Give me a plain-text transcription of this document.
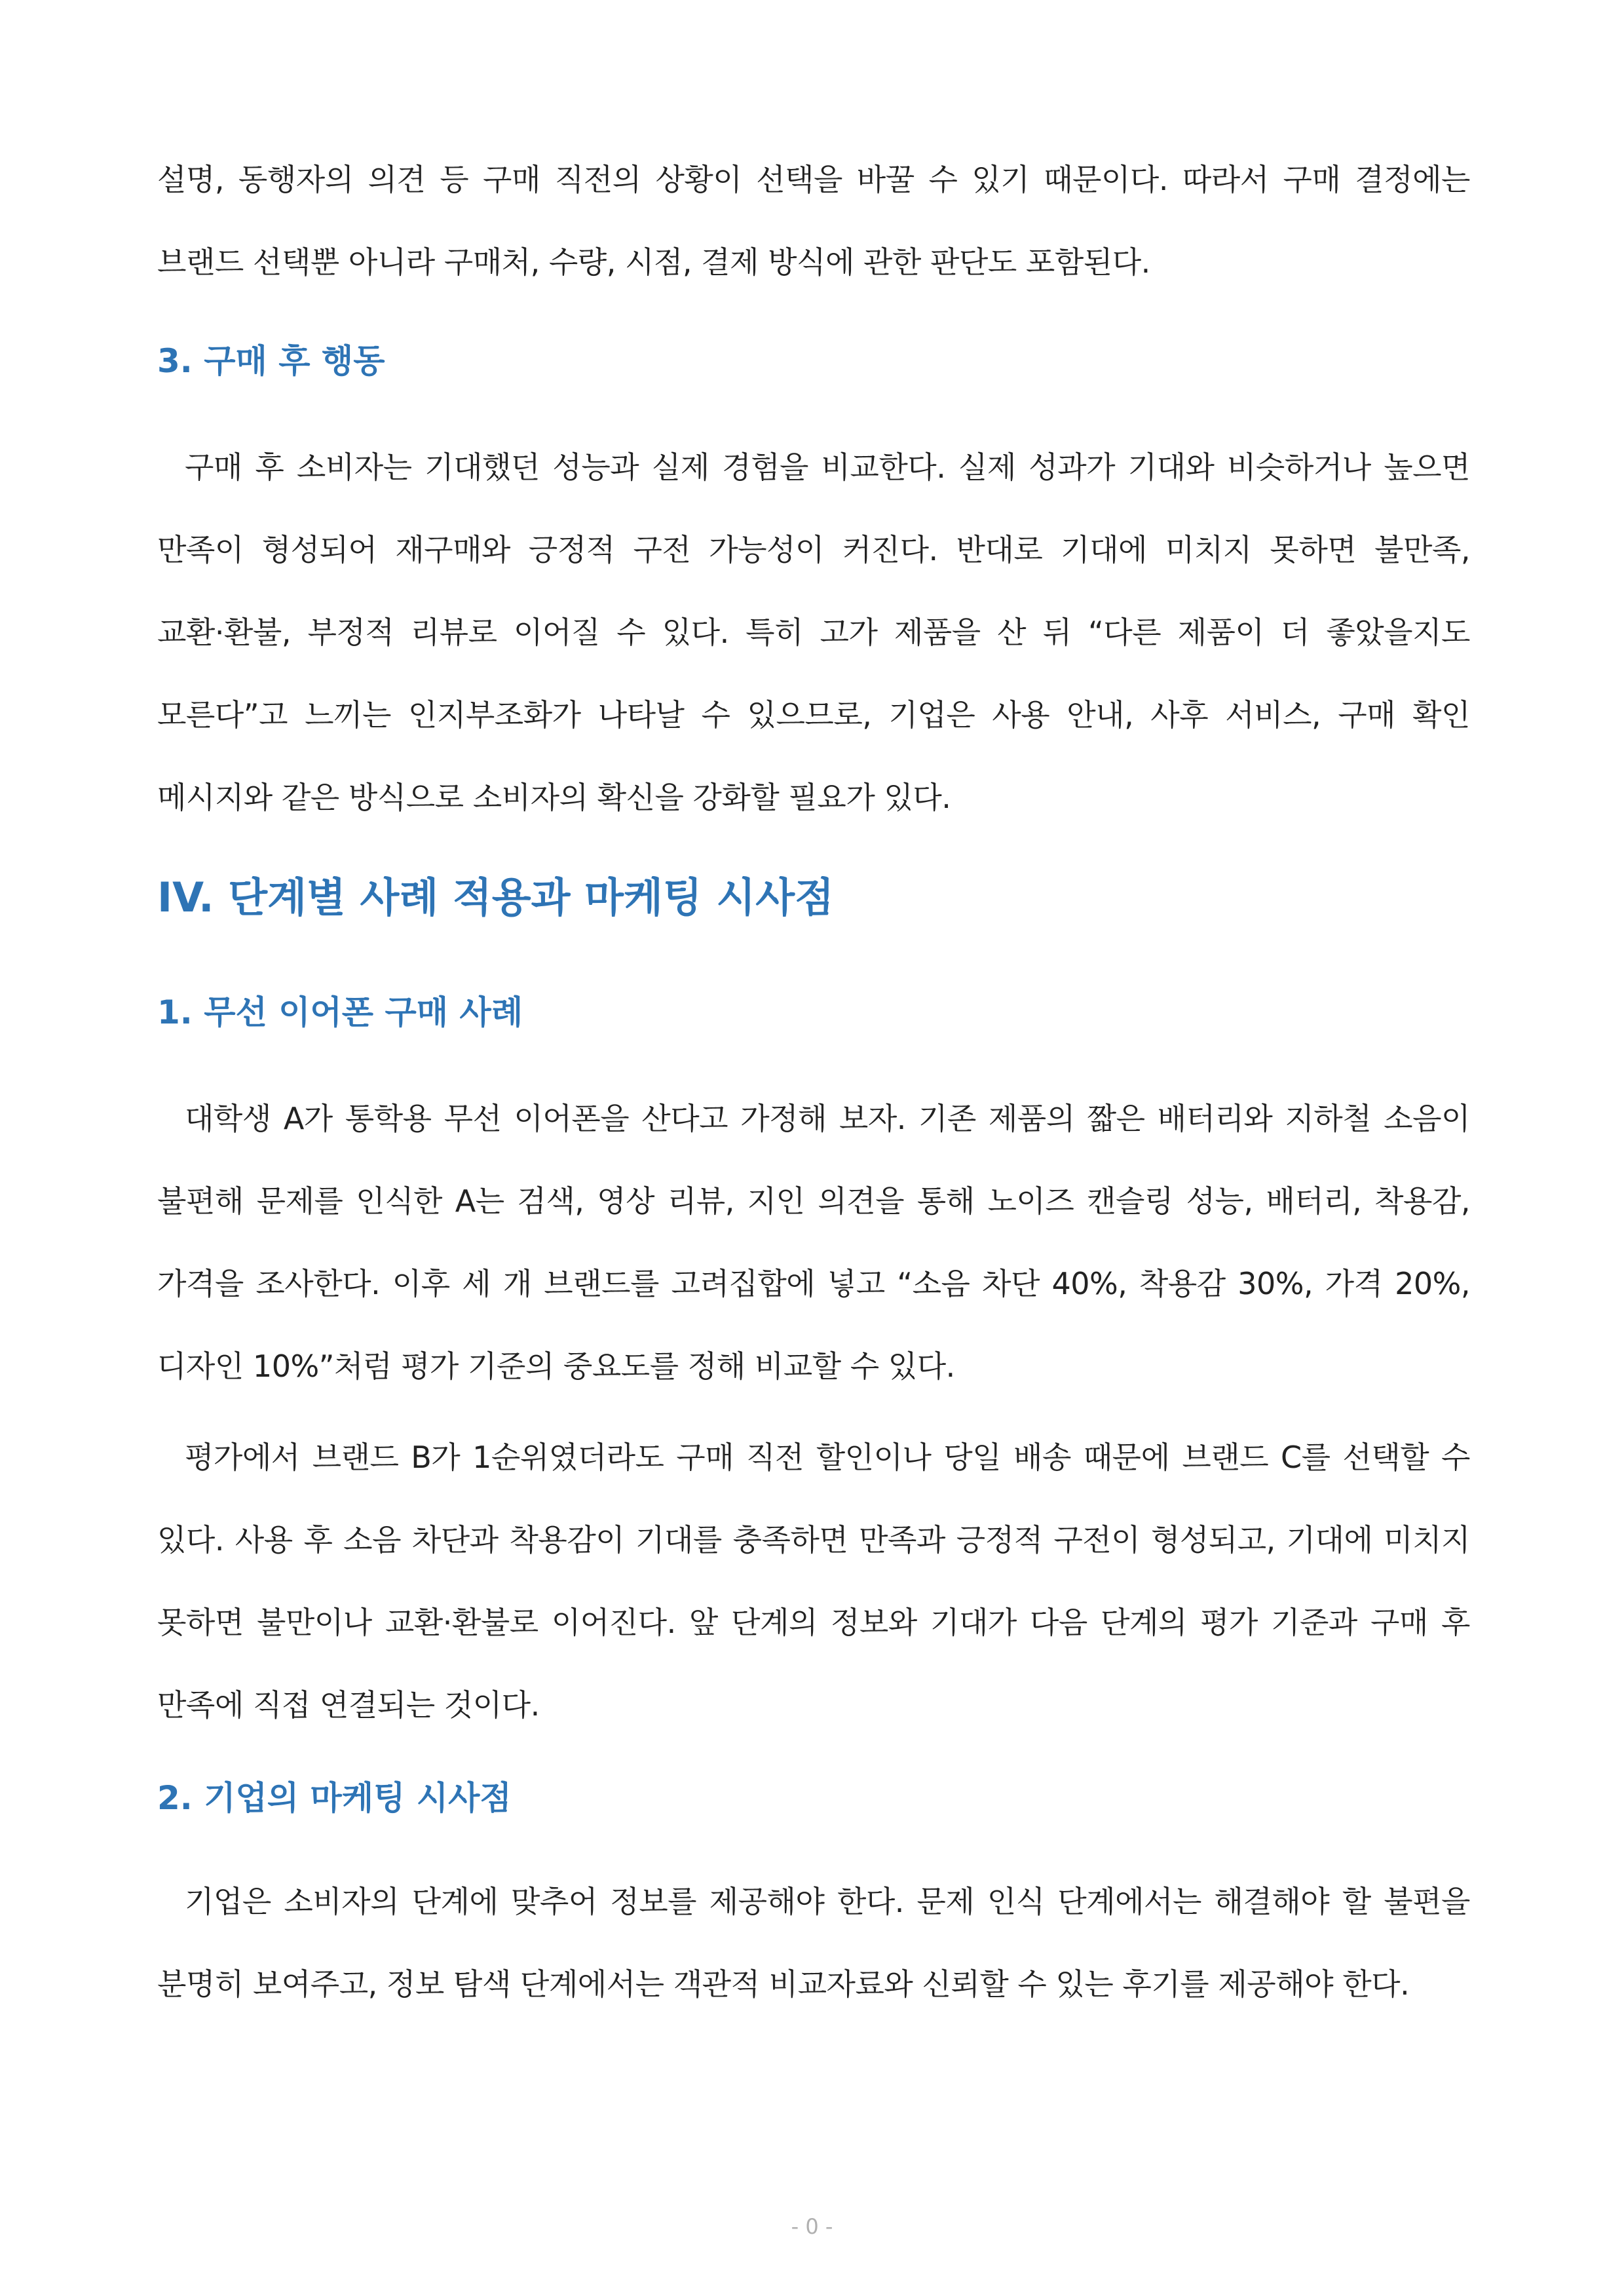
설명, 동행자의 의견 등 구매 직전의 상황이 선택을 바꿀 수 있기 때문이다. 따라서 구매 결정에는
브랜드 선택뿐 아니라 구매처, 수량, 시점, 결제 방식에 관한 판단도 포함된다.
3. 구매 후 행동
구매 후 소비자는 기대했던 성능과 실제 경험을 비교한다. 실제 성과가 기대와 비슷하거나 높으면
만족이 형성되어 재구매와 긍정적 구전 가능성이 커진다. 반대로 기대에 미치지 못하면 불만족,
교환·환불, 부정적 리뷰로 이어질 수 있다. 특히 고가 제품을 산 뒤 “다른 제품이 더 좋았을지도
모른다”고 느끼는 인지부조화가 나타날 수 있으므로, 기업은 사용 안내, 사후 서비스, 구매 확인
메시지와 같은 방식으로 소비자의 확신을 강화할 필요가 있다.
IV. 단계별 사례 적용과 마케팅 시사점
1. 무선 이어폰 구매 사례
대학생 A가 통학용 무선 이어폰을 산다고 가정해 보자. 기존 제품의 짧은 배터리와 지하철 소음이
불편해 문제를 인식한 A는 검색, 영상 리뷰, 지인 의견을 통해 노이즈 캔슬링 성능, 배터리, 착용감,
가격을 조사한다. 이후 세 개 브랜드를 고려집합에 넣고 “소음 차단 40%, 착용감 30%, 가격 20%,
디자인 10%”처럼 평가 기준의 중요도를 정해 비교할 수 있다.
평가에서 브랜드 B가 1순위였더라도 구매 직전 할인이나 당일 배송 때문에 브랜드 C를 선택할 수
있다. 사용 후 소음 차단과 착용감이 기대를 충족하면 만족과 긍정적 구전이 형성되고, 기대에 미치지
못하면 불만이나 교환·환불로 이어진다. 앞 단계의 정보와 기대가 다음 단계의 평가 기준과 구매 후
만족에 직접 연결되는 것이다.
2. 기업의 마케팅 시사점
기업은 소비자의 단계에 맞추어 정보를 제공해야 한다. 문제 인식 단계에서는 해결해야 할 불편을
분명히 보여주고, 정보 탐색 단계에서는 객관적 비교자료와 신뢰할 수 있는 후기를 제공해야 한다.
- 0 -
